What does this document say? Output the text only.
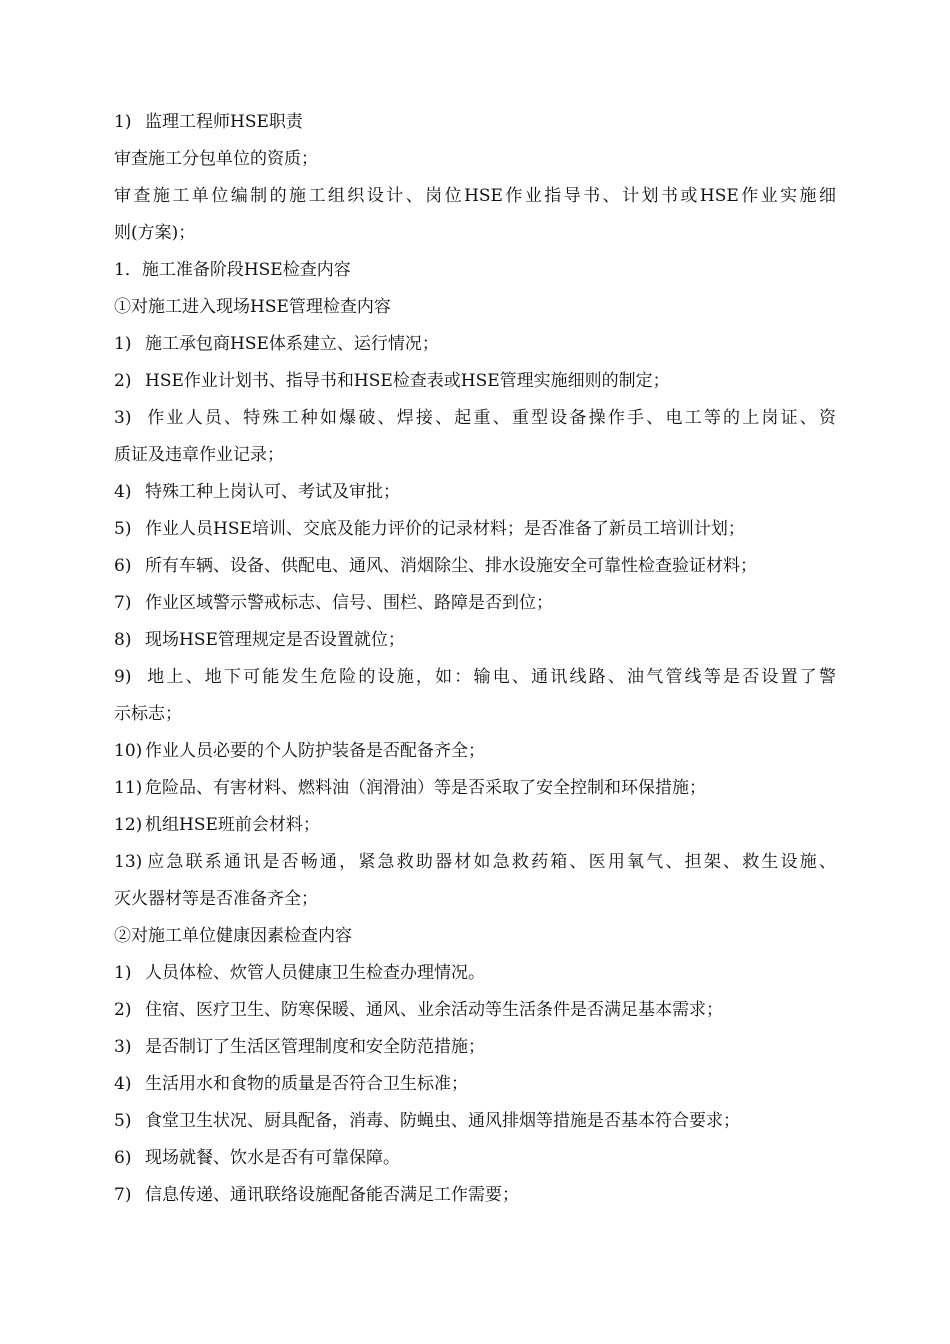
1) 监理工程师HSE职责
审查施工分包单位的资质；
审查施工单位编制的施工组织设计、岗位HSE作业指导书、计划书或HSE作业实施细
则(方案)；
1．施工准备阶段HSE检查内容
①对施工进入现场HSE管理检查内容
1) 施工承包商HSE体系建立、运行情况；
2) HSE作业计划书、指导书和HSE检查表或HSE管理实施细则的制定；
3) 作业人员、特殊工种如爆破、焊接、起重、重型设备操作手、电工等的上岗证、资
质证及违章作业记录；
4) 特殊工种上岗认可、考试及审批；
5) 作业人员HSE培训、交底及能力评价的记录材料；是否准备了新员工培训计划；
6) 所有车辆、设备、供配电、通风、消烟除尘、排水设施安全可靠性检查验证材料；
7) 作业区域警示警戒标志、信号、围栏、路障是否到位；
8) 现场HSE管理规定是否设置就位；
9) 地上、地下可能发生危险的设施，如：输电、通讯线路、油气管线等是否设置了警
示标志；
10) 作业人员必要的个人防护装备是否配备齐全；
11) 危险品、有害材料、燃料油（润滑油）等是否采取了安全控制和环保措施；
12) 机组HSE班前会材料；
13) 应急联系通讯是否畅通，紧急救助器材如急救药箱、医用氧气、担架、救生设施、
灭火器材等是否准备齐全；
②对施工单位健康因素检查内容
1) 人员体检、炊管人员健康卫生检查办理情况。
2) 住宿、医疗卫生、防寒保暖、通风、业余活动等生活条件是否满足基本需求；
3) 是否制订了生活区管理制度和安全防范措施；
4) 生活用水和食物的质量是否符合卫生标准；
5) 食堂卫生状况、厨具配备，消毒、防蝇虫、通风排烟等措施是否基本符合要求；
6) 现场就餐、饮水是否有可靠保障。
7) 信息传递、通讯联络设施配备能否满足工作需要；
